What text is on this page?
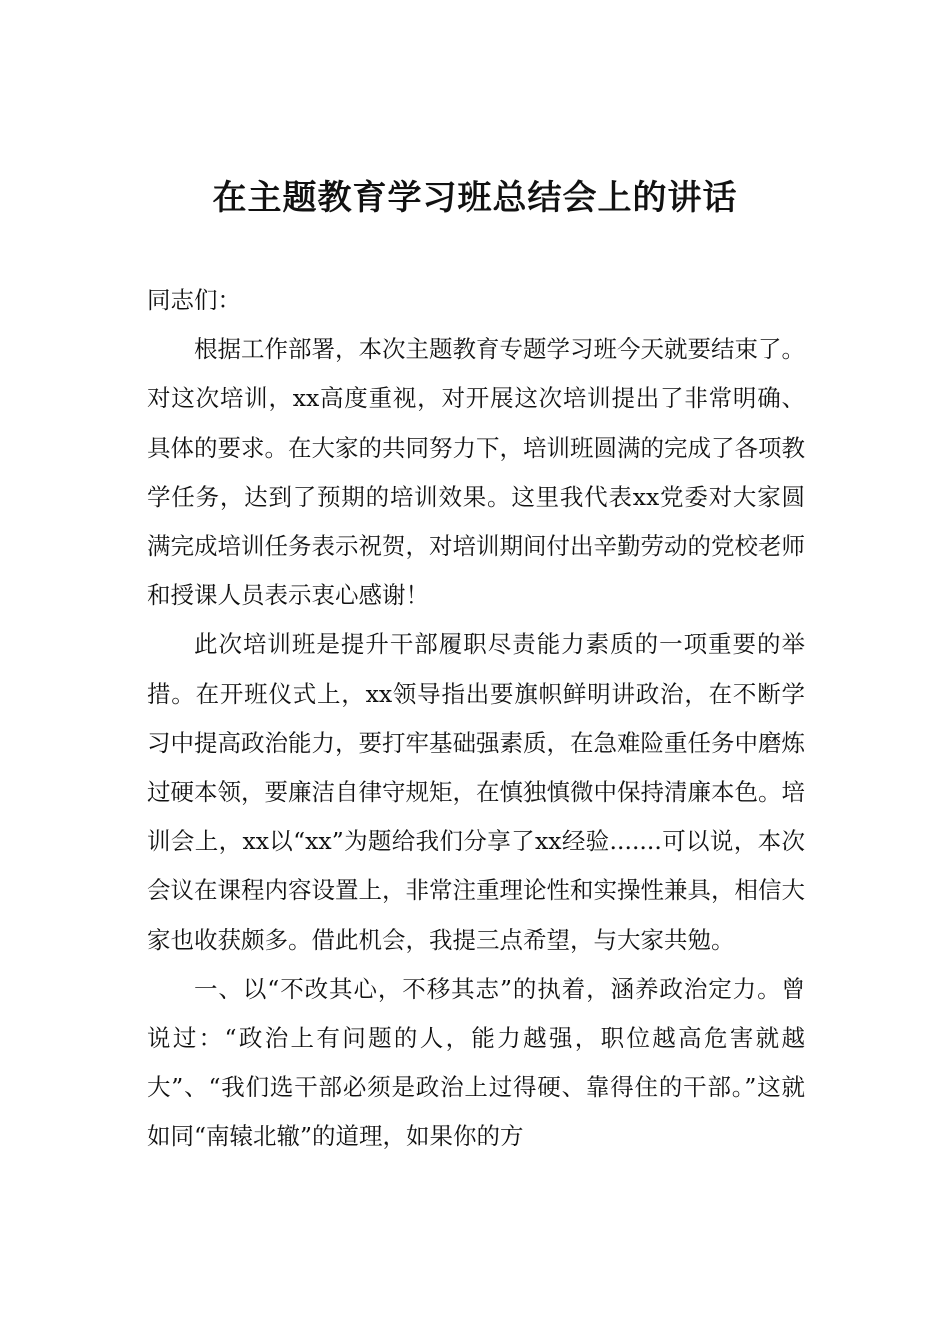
在主题教育学习班总结会上的讲话

同志们：

根据工作部署，本次主题教育专题学习班今天就要结束了。对这次培训，xx高度重视，对开展这次培训提出了非常明确、具体的要求。在大家的共同努力下，培训班圆满的完成了各项教学任务，达到了预期的培训效果。这里我代表xx党委对大家圆满完成培训任务表示祝贺，对培训期间付出辛勤劳动的党校老师和授课人员表示衷心感谢！

此次培训班是提升干部履职尽责能力素质的一项重要的举措。在开班仪式上，xx领导指出要旗帜鲜明讲政治，在不断学习中提高政治能力，要打牢基础强素质，在急难险重任务中磨炼过硬本领，要廉洁自律守规矩，在慎独慎微中保持清廉本色。培训会上，xx以“xx”为题给我们分享了xx经验.......可以说，本次会议在课程内容设置上，非常注重理论性和实操性兼具，相信大家也收获颇多。借此机会，我提三点希望，与大家共勉。

一、以“不改其心，不移其志”的执着，涵养政治定力。曾说过：“政治上有问题的人，能力越强，职位越高危害就越大”、“我们选干部必须是政治上过得硬、靠得住的干部。”这就如同“南辕北辙”的道理，如果你的方
